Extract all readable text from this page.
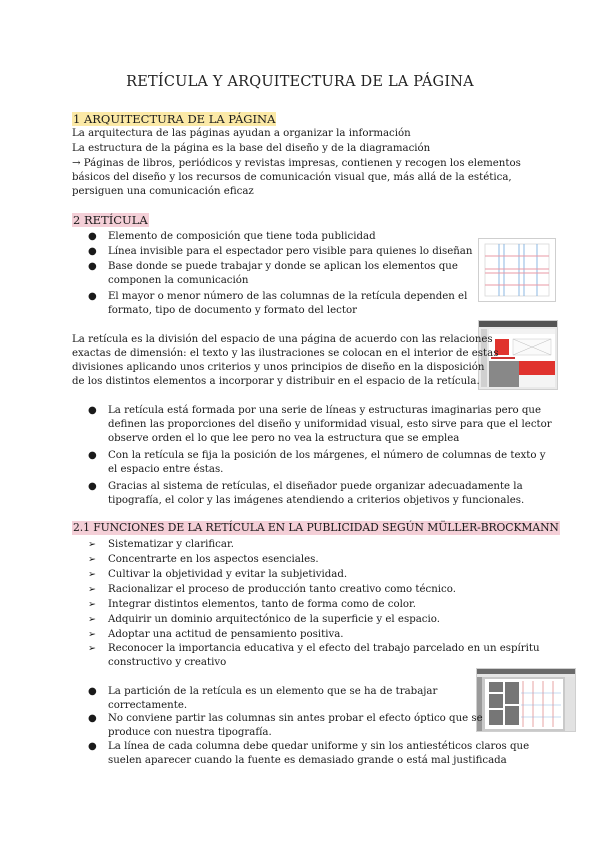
RETÍCULA Y ARQUITECTURA DE LA PÁGINA
1 ARQUITECTURA DE LA PÁGINA
La arquitectura de las páginas ayudan a organizar la información
La estructura de la página es la base del diseño y de la diagramación
→ Páginas de libros, periódicos y revistas impresas, contienen y recogen los elementos
básicos del diseño y los recursos de comunicación visual que, más allá de la estética,
persiguen una comunicación eficaz
2 RETÍCULA
● Elemento de composición que tiene toda publicidad
● Línea invisible para el espectador pero visible para quienes lo diseñan
● Base donde se puede trabajar y donde se aplican los elementos que
componen la comunicación
● El mayor o menor número de las columnas de la retícula dependen el
formato, tipo de documento y formato del lector
La retícula es la división del espacio de una página de acuerdo con las relaciones
exactas de dimensión: el texto y las ilustraciones se colocan en el interior de estas
divisiones aplicando unos criterios y unos principios de diseño en la disposición
de los distintos elementos a incorporar y distribuir en el espacio de la retícula.
● La retícula está formada por una serie de líneas y estructuras imaginarias pero que
definen las proporciones del diseño y uniformidad visual, esto sirve para que el lector
observe orden el lo que lee pero no vea la estructura que se emplea
● Con la retícula se fija la posición de los márgenes, el número de columnas de texto y
el espacio entre éstas.
● Gracias al sistema de retículas, el diseñador puede organizar adecuadamente la
tipografía, el color y las imágenes atendiendo a criterios objetivos y funcionales.
2.1 FUNCIONES DE LA RETÍCULA EN LA PUBLICIDAD SEGÚN MÜLLER-BROCKMANN
➢ Sistematizar y clarificar.
➢ Concentrarte en los aspectos esenciales.
➢ Cultivar la objetividad y evitar la subjetividad.
➢ Racionalizar el proceso de producción tanto creativo como técnico.
➢ Integrar distintos elementos, tanto de forma como de color.
➢ Adquirir un dominio arquitectónico de la superficie y el espacio.
➢ Adoptar una actitud de pensamiento positiva.
➢ Reconocer la importancia educativa y el efecto del trabajo parcelado en un espíritu
constructivo y creativo
● La partición de la retícula es un elemento que se ha de trabajar
correctamente.
● No conviene partir las columnas sin antes probar el efecto óptico que se
produce con nuestra tipografía.
● La línea de cada columna debe quedar uniforme y sin los antiestéticos claros que
suelen aparecer cuando la fuente es demasiado grande o está mal justificada
